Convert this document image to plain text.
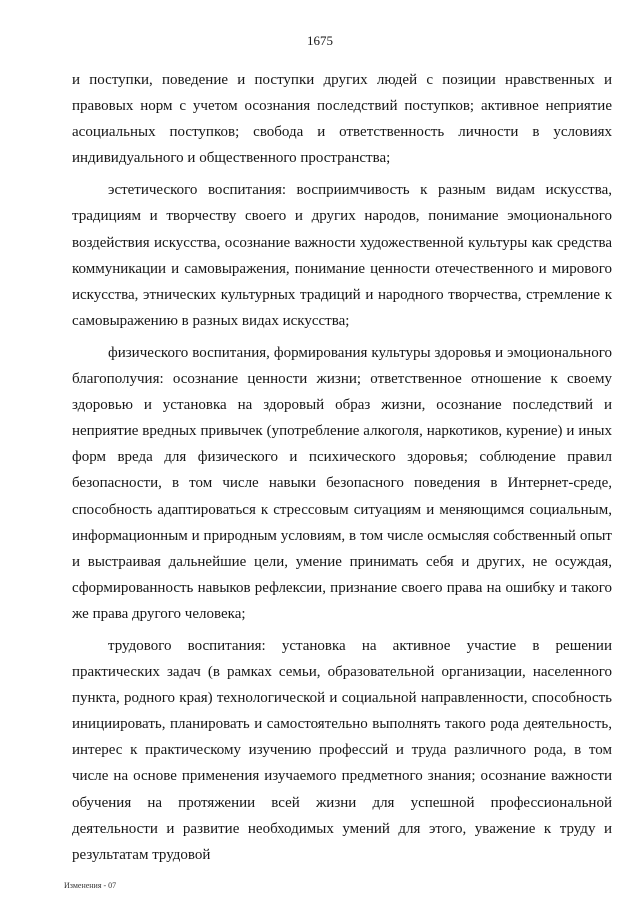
1675

и поступки, поведение и поступки других людей с позиции нравственных и правовых норм с учетом осознания последствий поступков; активное неприятие асоциальных поступков; свобода и ответственность личности в условиях индивидуального и общественного пространства;

эстетического воспитания: восприимчивость к разным видам искусства, традициям и творчеству своего и других народов, понимание эмоционального воздействия искусства, осознание важности художественной культуры как средства коммуникации и самовыражения, понимание ценности отечественного и мирового искусства, этнических культурных традиций и народного творчества, стремление к самовыражению в разных видах искусства;

физического воспитания, формирования культуры здоровья и эмоционального благополучия: осознание ценности жизни; ответственное отношение к своему здоровью и установка на здоровый образ жизни, осознание последствий и неприятие вредных привычек (употребление алкоголя, наркотиков, курение) и иных форм вреда для физического и психического здоровья; соблюдение правил безопасности, в том числе навыки безопасного поведения в Интернет-среде, способность адаптироваться к стрессовым ситуациям и меняющимся социальным, информационным и природным условиям, в том числе осмысляя собственный опыт и выстраивая дальнейшие цели, умение принимать себя и других, не осуждая, сформированность навыков рефлексии, признание своего права на ошибку и такого же права другого человека;

трудового воспитания: установка на активное участие в решении практических задач (в рамках семьи, образовательной организации, населенного пункта, родного края) технологической и социальной направленности, способность инициировать, планировать и самостоятельно выполнять такого рода деятельность, интерес к практическому изучению профессий и труда различного рода, в том числе на основе применения изучаемого предметного знания; осознание важности обучения на протяжении всей жизни для успешной профессиональной деятельности и развитие необходимых умений для этого, уважение к труду и результатам трудовой

Изменения - 07
